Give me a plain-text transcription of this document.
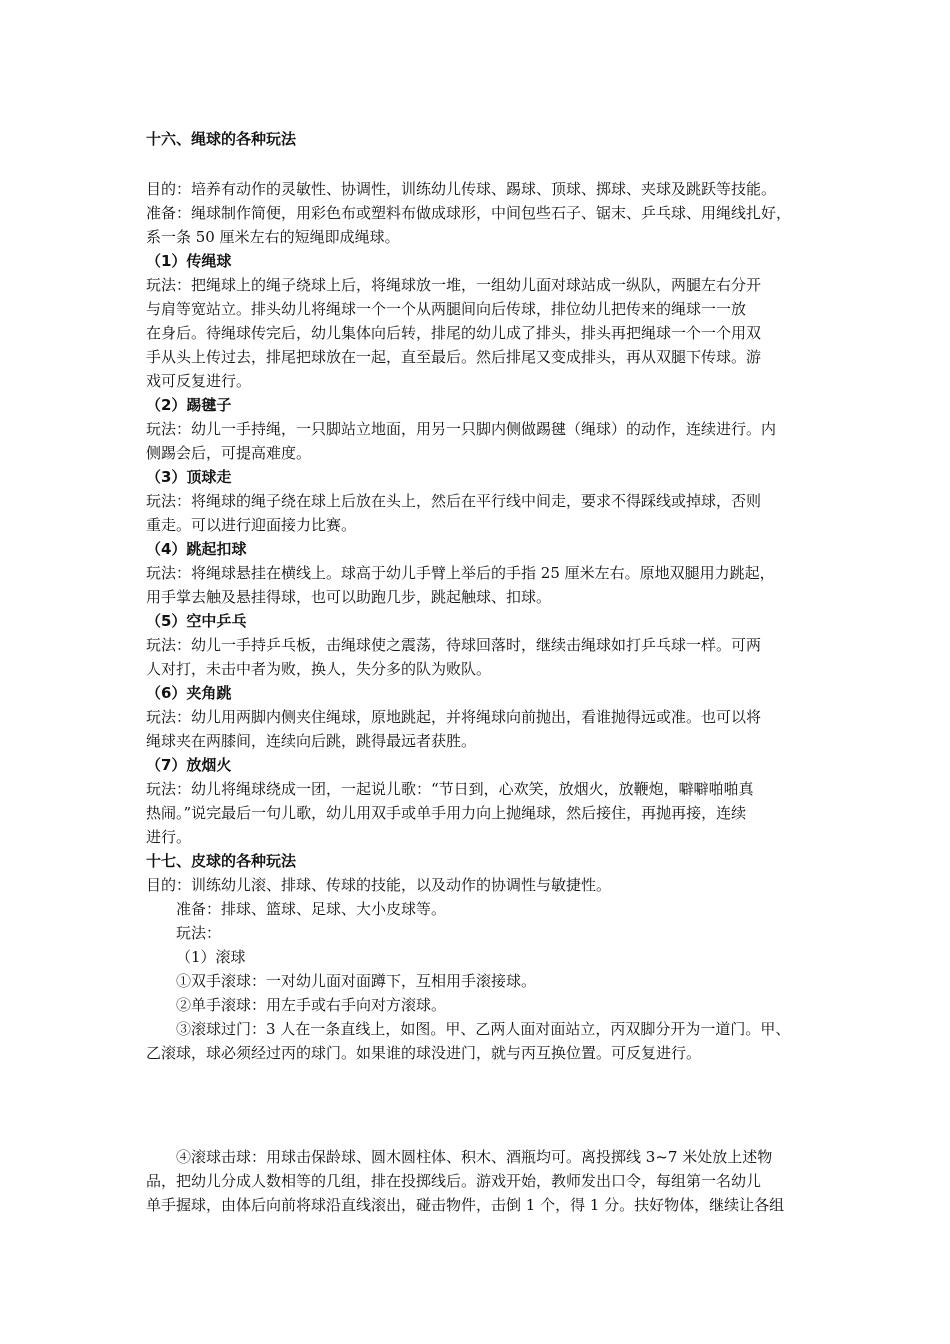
十六、绳球的各种玩法
目的：培养有动作的灵敏性、协调性，训练幼儿传球、踢球、顶球、掷球、夹球及跳跃等技能。
准备：绳球制作简便，用彩色布或塑料布做成球形，中间包些石子、锯末、乒乓球、用绳线扎好，
系一条 50 厘米左右的短绳即成绳球。
（1）传绳球
玩法：把绳球上的绳子绕球上后，将绳球放一堆，一组幼儿面对球站成一纵队，两腿左右分开
与肩等宽站立。排头幼儿将绳球一个一个从两腿间向后传球，排位幼儿把传来的绳球一一放
在身后。待绳球传完后，幼儿集体向后转，排尾的幼儿成了排头，排头再把绳球一个一个用双
手从头上传过去，排尾把球放在一起，直至最后。然后排尾又变成排头，再从双腿下传球。游
戏可反复进行。
（2）踢毽子
玩法：幼儿一手持绳，一只脚站立地面，用另一只脚内侧做踢毽（绳球）的动作，连续进行。内
侧踢会后，可提高难度。
（3）顶球走
玩法：将绳球的绳子绕在球上后放在头上，然后在平行线中间走，要求不得踩线或掉球，否则
重走。可以进行迎面接力比赛。
（4）跳起扣球
玩法：将绳球悬挂在横线上。球高于幼儿手臂上举后的手指 25 厘米左右。原地双腿用力跳起，
用手掌去触及悬挂得球，也可以助跑几步，跳起触球、扣球。
（5）空中乒乓
玩法：幼儿一手持乒乓板，击绳球使之震荡，待球回落时，继续击绳球如打乒乓球一样。可两
人对打，未击中者为败，换人，失分多的队为败队。
（6）夹角跳
玩法：幼儿用两脚内侧夹住绳球，原地跳起，并将绳球向前抛出，看谁抛得远或准。也可以将
绳球夹在两膝间，连续向后跳，跳得最远者获胜。
（7）放烟火
玩法：幼儿将绳球绕成一团，一起说儿歌：“节日到，心欢笑，放烟火，放鞭炮，噼噼啪啪真
热闹。”说完最后一句儿歌，幼儿用双手或单手用力向上抛绳球，然后接住，再抛再接，连续
进行。
十七、皮球的各种玩法
目的：训练幼儿滚、排球、传球的技能，以及动作的协调性与敏捷性。
准备：排球、篮球、足球、大小皮球等。
玩法：
（1）滚球
①双手滚球：一对幼儿面对面蹲下，互相用手滚接球。
②单手滚球：用左手或右手向对方滚球。
③滚球过门：3 人在一条直线上，如图。甲、乙两人面对面站立，丙双脚分开为一道门。甲、
乙滚球，球必须经过丙的球门。如果谁的球没进门，就与丙互换位置。可反复进行。
④滚球击球：用球击保龄球、圆木圆柱体、积木、酒瓶均可。离投掷线 3~7 米处放上述物
品，把幼儿分成人数相等的几组，排在投掷线后。游戏开始，教师发出口令，每组第一名幼儿
单手握球，由体后向前将球沿直线滚出，碰击物件，击倒 1 个，得 1 分。扶好物体，继续让各组
